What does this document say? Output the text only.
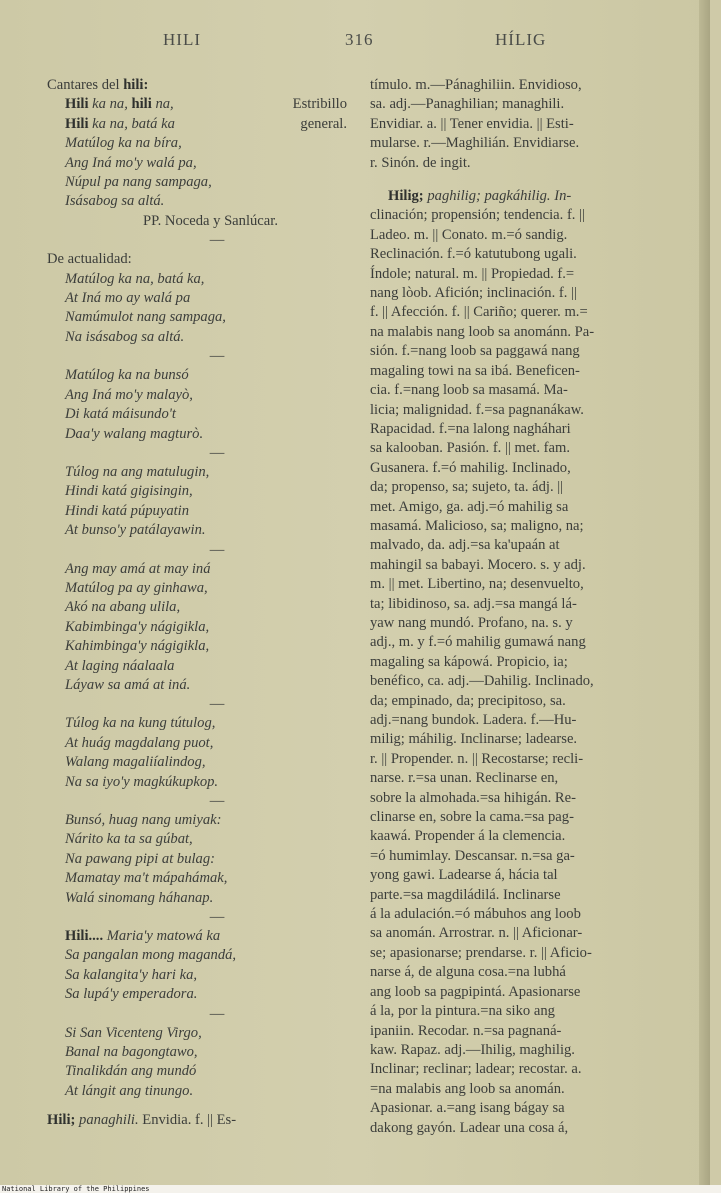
HILI	316	HÍLIG
Cantares del hili:
Hili ka na, hili na,	Estribillo
Hili ka na, batá ka	general.
Matúlog ka na bíra,
Ang Iná mo'y walá pa,
Núpul pa nang sampaga,
Isásabog sa altá.
PP. Noceda y Sanlúcar.
—
De actualidad:
Matúlog ka na, batá ka,
At Iná mo ay walá pa
Namúmulot nang sampaga,
Na isásabog sa altá.
—
Matúlog ka na bunsó
Ang Iná mo'y malayò,
Di katá máisundo't
Daa'y walang magturò.
—
Túlog na ang matulugin,
Hindi katá gigisingin,
Hindi katá púpuyatin
At bunso'y patálayawin.
—
Ang may amá at may iná
Matúlog pa ay ginhawa,
Akó na abang ulila,
Kabimbinga'y nágigikla,
Kahimbinga'y nágigikla,
At laging náalaala
Láyaw sa amá at iná.
—
Túlog ka na kung tútulog,
At huág magdalang puot,
Walang magaliíalindog,
Na sa iyo'y magkúkupkop.
—
Bunsó, huag nang umiyak:
Nárito ka ta sa gúbat,
Na pawang pipi at bulag:
Mamatay ma't mápahámak,
Walá sinomang háhanap.
—
Hili.... Maria'y matowá ka
Sa pangalan mong magandá,
Sa kalangita'y hari ka,
Sa lupá'y emperadora.
—
Si San Vicenteng Virgo,
Banal na bagongtawo,
Tinalikdán ang mundó
At lángit ang tinungo.
Hili; panaghili. Envidia. f. || Es-
tímulo. m.—Pánaghiliin. Envidioso,
sa. adj.—Panaghilian; managhili.
Envidiar. a. || Tener envidia. || Esti-
mularse. r.—Maghilián. Envidiarse.
r. Sinón. de ingit.
Hilig; paghilig; pagkáhilig. In-
clinación; propensión; tendencia. f. ||
Ladeo. m. || Conato. m.=ó sandig.
Reclinación. f.=ó katutubong ugali.
Índole; natural. m. || Propiedad. f.=
nang lòob. Afición; inclinación. f. ||
f. || Afección. f. || Cariño; querer. m.=
na malabis nang loob sa anománn. Pa-
sión. f.=nang loob sa paggawá nang
magaling towi na sa ibá. Beneficen-
cia. f.=nang loob sa masamá. Ma-
licia; malignidad. f.=sa pagnanákaw.
Rapacidad. f.=na lalong nagháhari
sa kalooban. Pasión. f. || met. fam.
Gusanera. f.=ó mahilig. Inclinado,
da; propenso, sa; sujeto, ta. ádj. ||
met. Amigo, ga. adj.=ó mahilig sa
masamá. Malicioso, sa; maligno, na;
malvado, da. adj.=sa ka'upaán at
mahingil sa babayi. Mocero. s. y adj.
m. || met. Libertino, na; desenvuelto,
ta; libidinoso, sa. adj.=sa mangá lá-
yaw nang mundó. Profano, na. s. y
adj., m. y f.=ó mahilig gumawá nang
magaling sa kápowá. Propicio, ia;
benéfico, ca. adj.—Dahilig. Inclinado,
da; empinado, da; precipitoso, sa.
adj.=nang bundok. Ladera. f.—Hu-
milig; máhilig. Inclinarse; ladearse.
r. || Propender. n. || Recostarse; recli-
narse. r.=sa unan. Reclinarse en,
sobre la almohada.=sa hihigán. Re-
clinarse en, sobre la cama.=sa pag-
kaawá. Propender á la clemencia.
=ó humimlay. Descansar. n.=sa ga-
yong gawi. Ladearse á, hácia tal
parte.=sa magdiládilá. Inclinarse
á la adulación.=ó mábuhos ang loob
sa anomán. Arrostrar. n. || Aficionar-
se; apasionarse; prendarse. r. || Aficio-
narse á, de alguna cosa.=na lubhá
ang loob sa pagpipintá. Apasionarse
á la, por la pintura.=na siko ang
ipaniin. Recodar. n.=sa pagnaná-
kaw. Rapaz. adj.—Ihilig, maghilig.
Inclinar; reclinar; ladear; recostar. a.
=na malabis ang loob sa anomán.
Apasionar. a.=ang isang bágay sa
dakong gayón. Ladear una cosa á,
National Library of the Philippines
